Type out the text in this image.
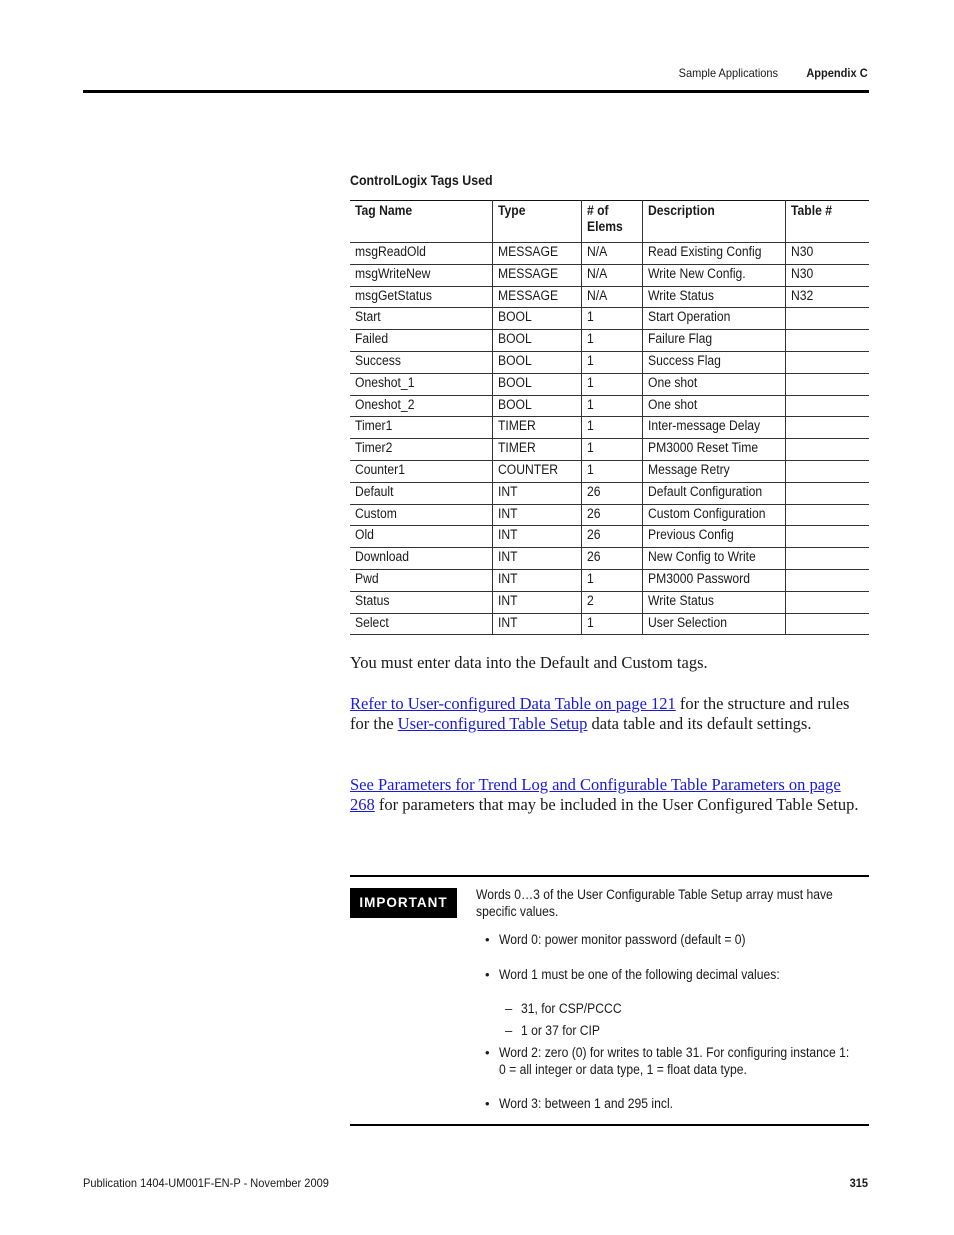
Sample Applications Appendix C
ControlLogix Tags Used
Tag Name	Type	# of Elems	Description	Table #
msgReadOld	MESSAGE	N/A	Read Existing Config	N30
msgWriteNew	MESSAGE	N/A	Write New Config.	N30
msgGetStatus	MESSAGE	N/A	Write Status	N32
Start	BOOL	1	Start Operation	
Failed	BOOL	1	Failure Flag	
Success	BOOL	1	Success Flag	
Oneshot_1	BOOL	1	One shot	
Oneshot_2	BOOL	1	One shot	
Timer1	TIMER	1	Inter-message Delay	
Timer2	TIMER	1	PM3000 Reset Time	
Counter1	COUNTER	1	Message Retry	
Default	INT	26	Default Configuration	
Custom	INT	26	Custom Configuration	
Old	INT	26	Previous Config	
Download	INT	26	New Config to Write	
Pwd	INT	1	PM3000 Password	
Status	INT	2	Write Status	
Select	INT	1	User Selection	
You must enter data into the Default and Custom tags.
Refer to User-configured Data Table on page 121 for the structure and rules for the User-configured Table Setup data table and its default settings.
See Parameters for Trend Log and Configurable Table Parameters on page 268 for parameters that may be included in the User Configured Table Setup.
IMPORTANT
Words 0…3 of the User Configurable Table Setup array must have specific values.
• Word 0: power monitor password (default = 0)
• Word 1 must be one of the following decimal values:
– 31, for CSP/PCCC
– 1 or 37 for CIP
• Word 2: zero (0) for writes to table 31. For configuring instance 1:
0 = all integer or data type, 1 = float data type.
• Word 3: between 1 and 295 incl.
Publication 1404-UM001F-EN-P - November 2009	315
